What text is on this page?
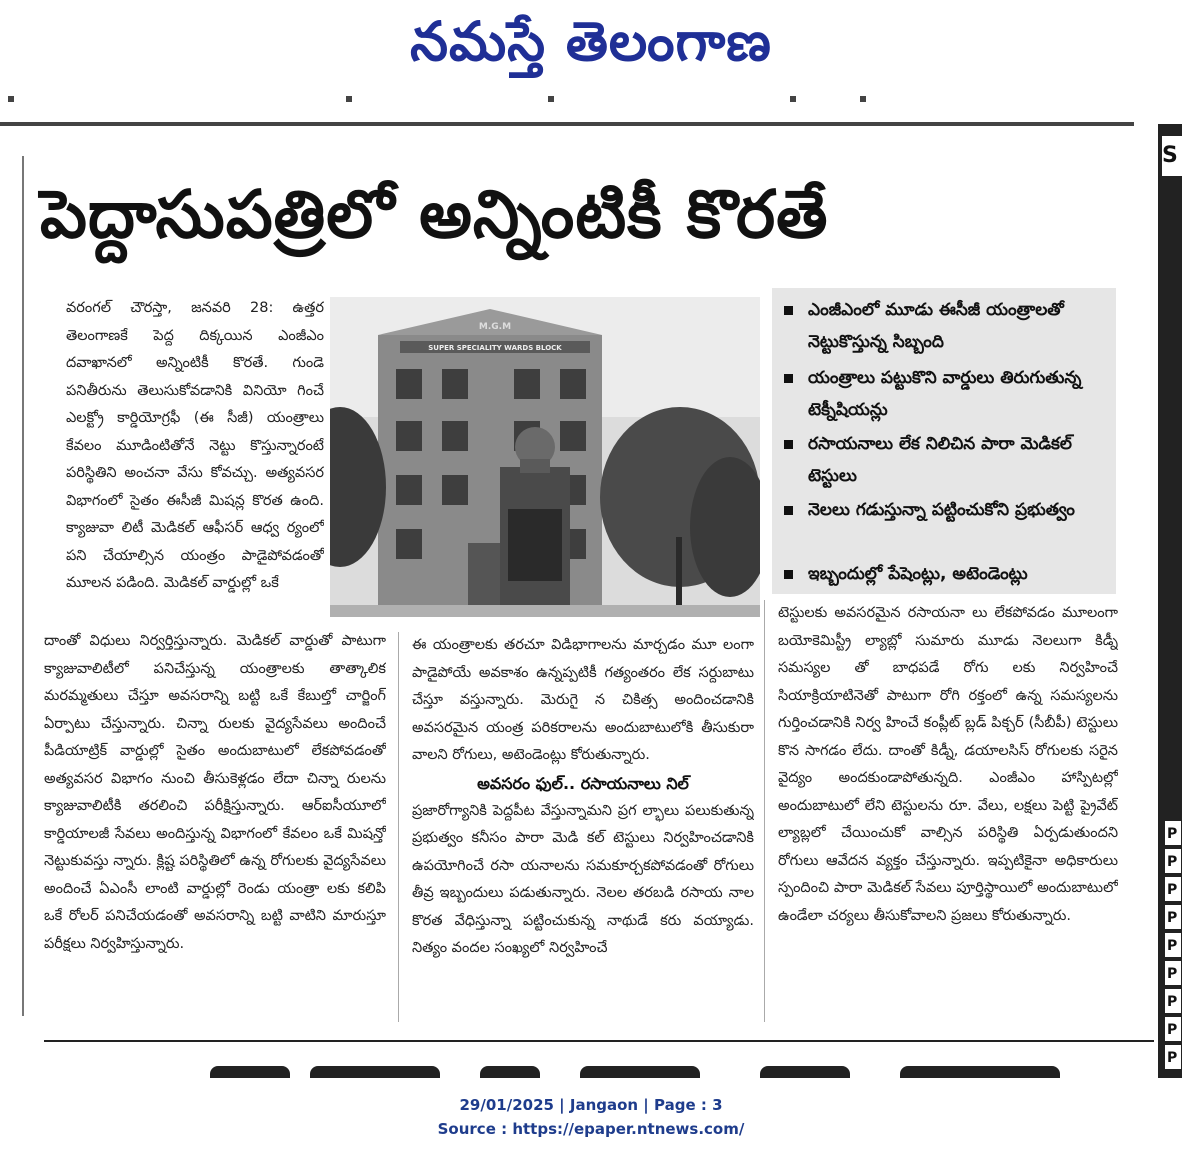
నమస్తే తెలంగాణ
S
P
P
P
P
P
P
P
P
P
పెద్దాసుపత్రిలో అన్నింటికీ కొరతే
M.G.M
SUPER SPECIALITY WARDS BLOCK
ఎంజీఎంలో మూడు ఈసీజీ యంత్రాలతో నెట్టుకొస్తున్న సిబ్బంది
యంత్రాలు పట్టుకొని వార్డులు తిరుగుతున్న టెక్నీషియన్లు
రసాయనాలు లేక నిలిచిన పారా మెడికల్ టెస్టులు
నెలలు గడుస్తున్నా పట్టించుకోని ప్రభుత్వం
ఇబ్బందుల్లో పేషెంట్లు, అటెండెంట్లు

వరంగల్ చౌరస్తా, జనవరి 28: ఉత్తర తెలంగాణకే పెద్ద దిక్కయిన ఎంజీఎం దవాఖానలో అన్నింటికీ కొరతే. గుండె పనితీరును తెలుసుకోవడానికి వినియో గించే ఎలక్ట్రో కార్డియోగ్రఫీ (ఈ సీజీ) యంత్రాలు కేవలం మూడింటితోనే నెట్టు కొస్తున్నారంటే పరిస్థితిని అంచనా వేసు కోవచ్చు. అత్యవసర విభాగంలో సైతం ఈసీజీ మిషన్ల కొరత ఉంది. క్యాజువా లిటీ మెడికల్ ఆఫీసర్ ఆధ్వ ర్యంలో పని చేయాల్సిన యంత్రం పాడైపోవడంతో మూలన పడింది. మెడికల్ వార్డుల్లో ఒకే

దాంతో విధులు నిర్వర్తిస్తున్నారు. మెడికల్ వార్డుతో పాటుగా క్యాజువాలిటీలో పనిచేస్తున్న యంత్రాలకు తాత్కాలిక మరమ్మతులు చేస్తూ అవసరాన్ని బట్టి ఒకే కేబుల్తో చార్జింగ్ ఏర్పాటు చేస్తున్నారు. చిన్నా రులకు వైద్యసేవలు అందించే పీడియాట్రిక్ వార్డుల్లో సైతం అందుబాటులో లేకపోవడంతో అత్యవసర విభాగం నుంచి తీసుకెళ్లడం లేదా చిన్నా రులను క్యాజువాలిటీకి తరలించి పరీక్షిస్తున్నారు. ఆర్ఐసీయూలో కార్డియాలజీ సేవలు అందిస్తున్న విభాగంలో కేవలం ఒకే మిషన్తో నెట్టుకువస్తు న్నారు. క్లిష్ట పరిస్థితిలో ఉన్న రోగులకు వైద్యసేవలు అందించే ఏఎంసీ లాంటి వార్డుల్లో రెండు యంత్రా లకు కలిపి ఒకే రోలర్ పనిచేయడంతో అవసరాన్ని బట్టి వాటిని మారుస్తూ పరీక్షలు నిర్వహిస్తున్నారు.

ఈ యంత్రాలకు తరచూ విడిభాగాలను మార్చడం మూ లంగా పాడైపోయే అవకాశం ఉన్నప్పటికీ గత్యంతరం లేక సర్దుబాటు చేస్తూ వస్తున్నారు. మెరుగై న చికిత్స అందించడానికి అవసరమైన యంత్ర పరికరాలను అందుబాటులోకి తీసుకురా వాలని రోగులు, అటెండెంట్లు కోరుతున్నారు.

అవసరం ఫుల్.. రసాయనాలు నిల్

ప్రజారోగ్యానికి పెద్దపీట వేస్తున్నామని ప్రగ ల్భాలు పలుకుతున్న ప్రభుత్వం కనీసం పారా మెడి కల్ టెస్టులు నిర్వహించడానికి ఉపయోగించే రసా యనాలను సమకూర్చకపోవడంతో రోగులు తీవ్ర ఇబ్బందులు పడుతున్నారు. నెలల తరబడి రసాయ నాల కొరత వేధిస్తున్నా పట్టించుకున్న నాథుడే కరు వయ్యాడు. నిత్యం వందల సంఖ్యలో నిర్వహించే

టెస్టులకు అవసరమైన రసాయనా లు లేకపోవడం మూలంగా బయోకెమిస్ట్రీ ల్యాబ్లో సుమారు మూడు నెలలుగా కిడ్నీ సమస్యల తో బాధపడే రోగు లకు నిర్వహించే సియాక్రియాటినెతో పాటుగా రోగి రక్తంలో ఉన్న సమస్యలను గుర్తించడానికి నిర్వ హించే కంప్లీట్ బ్లడ్ పిక్చర్ (సీబీపీ) టెస్టులు కొన సాగడం లేదు. దాంతో కిడ్నీ, డయాలసిస్ రోగులకు సరైన వైద్యం అందకుండాపోతున్నది. ఎంజీఎం హాస్పిటల్లో అందుబాటులో లేని టెస్టులను రూ. వేలు, లక్షలు పెట్టి ప్రైవేట్ ల్యాబ్లలో చేయించుకో వాల్సిన పరిస్థితి ఏర్పడుతుందని రోగులు ఆవేదన వ్యక్తం చేస్తున్నారు. ఇప్పటికైనా అధికారులు స్పందించి పారా మెడికల్ సేవలు పూర్తిస్థాయిలో అందుబాటులో ఉండేలా చర్యలు తీసుకోవాలని ప్రజలు కోరుతున్నారు.

29/01/2025 | Jangaon | Page : 3
Source : https://epaper.ntnews.com/
